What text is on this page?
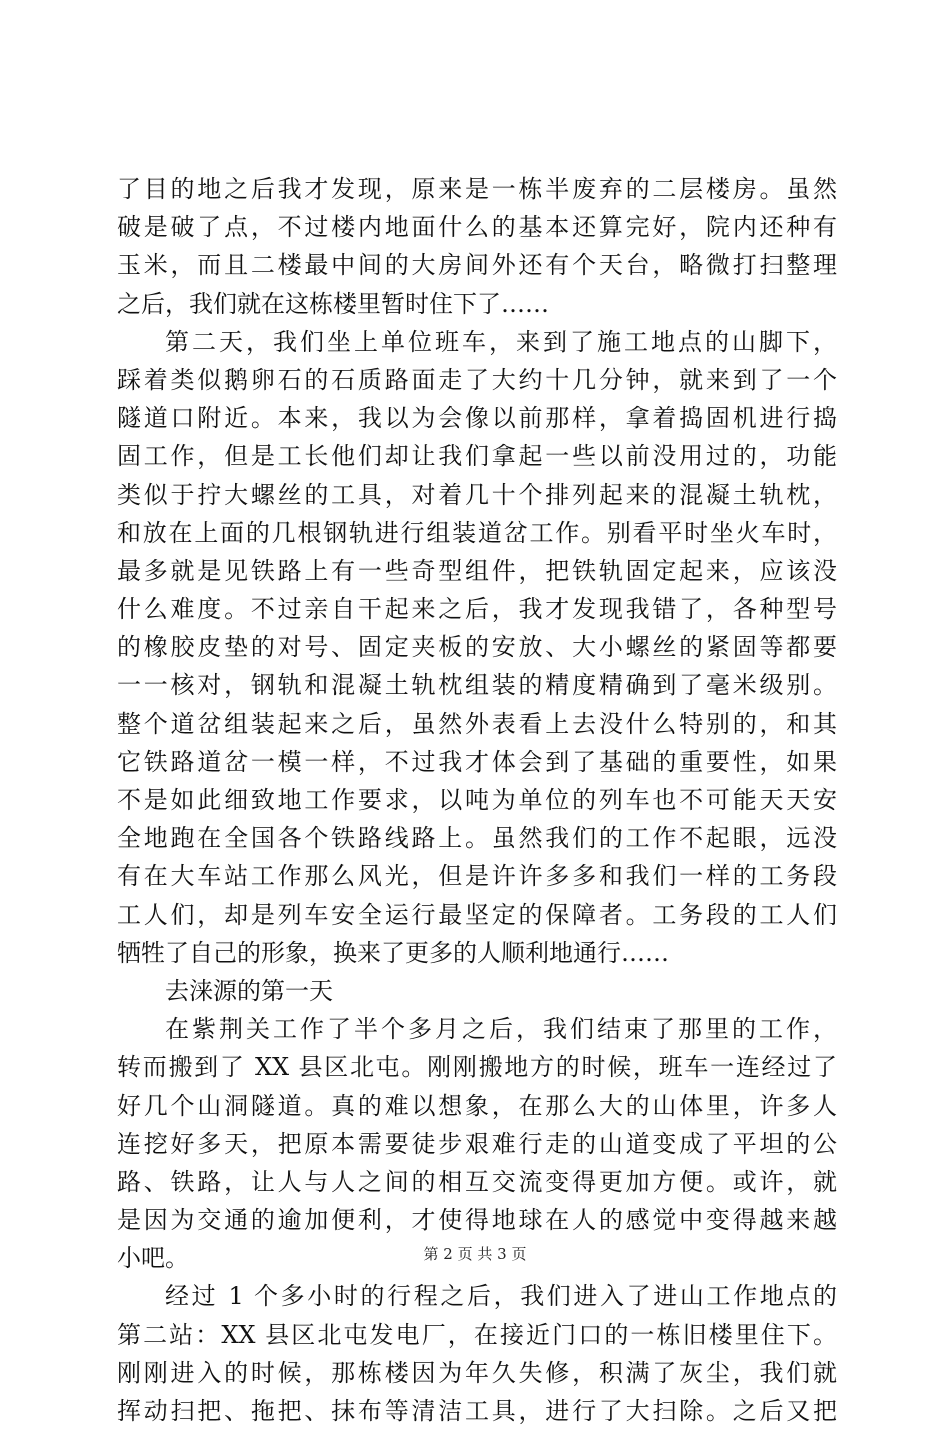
了目的地之后我才发现，原来是一栋半废弃的二层楼房。虽然
破是破了点，不过楼内地面什么的基本还算完好，院内还种有
玉米，而且二楼最中间的大房间外还有个天台，略微打扫整理
之后，我们就在这栋楼里暂时住下了……
第二天，我们坐上单位班车，来到了施工地点的山脚下，
踩着类似鹅卵石的石质路面走了大约十几分钟，就来到了一个
隧道口附近。本来，我以为会像以前那样，拿着捣固机进行捣
固工作，但是工长他们却让我们拿起一些以前没用过的，功能
类似于拧大螺丝的工具，对着几十个排列起来的混凝土轨枕，
和放在上面的几根钢轨进行组装道岔工作。别看平时坐火车时，
最多就是见铁路上有一些奇型组件，把铁轨固定起来，应该没
什么难度。不过亲自干起来之后，我才发现我错了，各种型号
的橡胶皮垫的对号、固定夹板的安放、大小螺丝的紧固等都要
一一核对，钢轨和混凝土轨枕组装的精度精确到了毫米级别。
整个道岔组装起来之后，虽然外表看上去没什么特别的，和其
它铁路道岔一模一样，不过我才体会到了基础的重要性，如果
不是如此细致地工作要求，以吨为单位的列车也不可能天天安
全地跑在全国各个铁路线路上。虽然我们的工作不起眼，远没
有在大车站工作那么风光，但是许许多多和我们一样的工务段
工人们，却是列车安全运行最坚定的保障者。工务段的工人们
牺牲了自己的形象，换来了更多的人顺利地通行……
去涞源的第一天
在紫荆关工作了半个多月之后，我们结束了那里的工作，
转而搬到了 XX 县区北屯。刚刚搬地方的时候，班车一连经过了
好几个山洞隧道。真的难以想象，在那么大的山体里，许多人
连挖好多天，把原本需要徒步艰难行走的山道变成了平坦的公
路、铁路，让人与人之间的相互交流变得更加方便。或许，就
是因为交通的逾加便利，才使得地球在人的感觉中变得越来越
小吧。
经过 1 个多小时的行程之后，我们进入了进山工作地点的
第二站：XX 县区北屯发电厂，在接近门口的一栋旧楼里住下。
刚刚进入的时候，那栋楼因为年久失修，积满了灰尘，我们就
挥动扫把、拖把、抹布等清洁工具，进行了大扫除。之后又把
第 2 页 共 3 页
